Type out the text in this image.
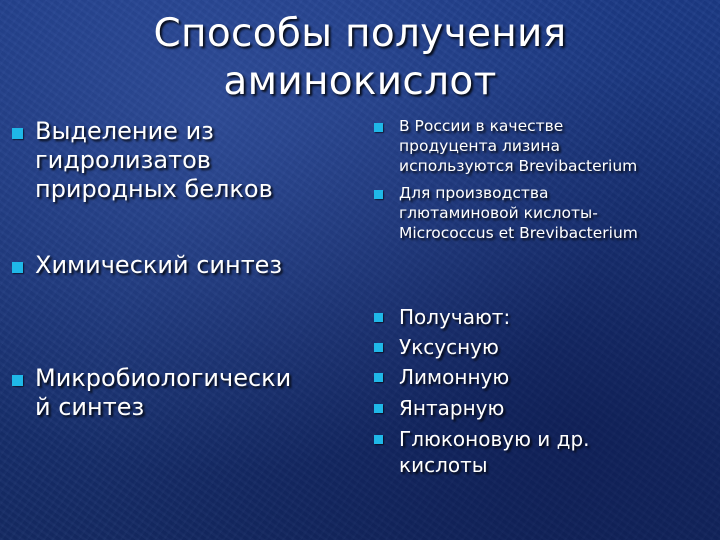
Способы получения
аминокислот
Выделение из
гидролизатов
природных белков
Химический синтез
Микробиологически
й синтез
В России в качестве
продуцента лизина
используются Brevibacterium
Для производства
глютаминовой кислоты-
Micrococcus et Brevibacterium
Получают:
Уксусную
Лимонную
Янтарную
Глюконовую и др.
кислоты
